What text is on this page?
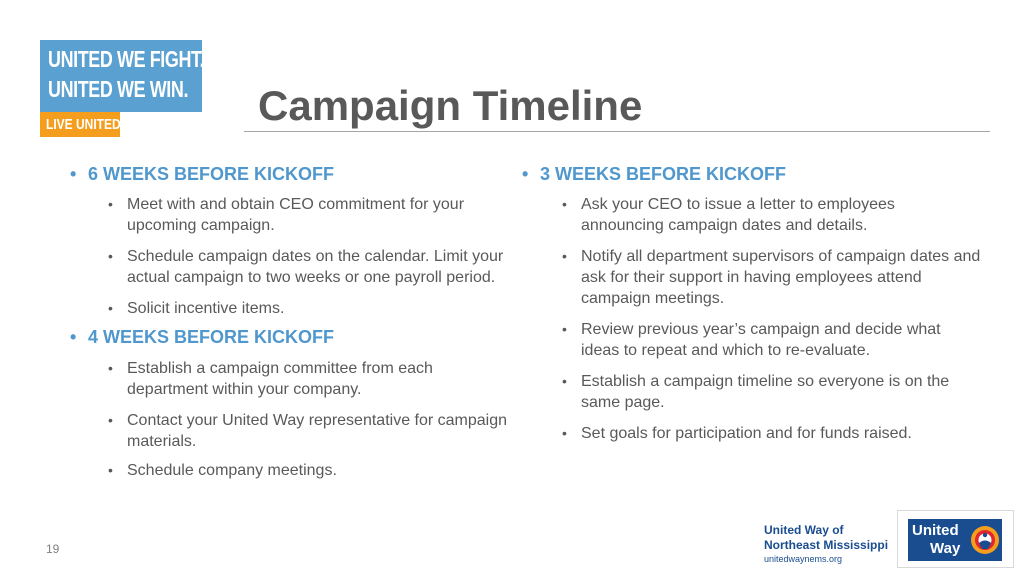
UNITED WE FIGHT.
UNITED WE WIN.
LIVE UNITED	Campaign Timeline
• 6 WEEKS BEFORE KICKOFF
• Meet with and obtain CEO commitment for your upcoming campaign.
• Schedule campaign dates on the calendar. Limit your actual campaign to two weeks or one payroll period.
• Solicit incentive items.
• 4 WEEKS BEFORE KICKOFF
• Establish a campaign committee from each department within your company.
• Contact your United Way representative for campaign materials.
• Schedule company meetings.
• 3 WEEKS BEFORE KICKOFF
• Ask your CEO to issue a letter to employees announcing campaign dates and details.
• Notify all department supervisors of campaign dates and ask for their support in having employees attend campaign meetings.
• Review previous year’s campaign and decide what ideas to repeat and which to re-evaluate.
• Establish a campaign timeline so everyone is on the same page.
• Set goals for participation and for funds raised.
19
United Way of
Northeast Mississippi
unitedwaynems.org
United
Way
